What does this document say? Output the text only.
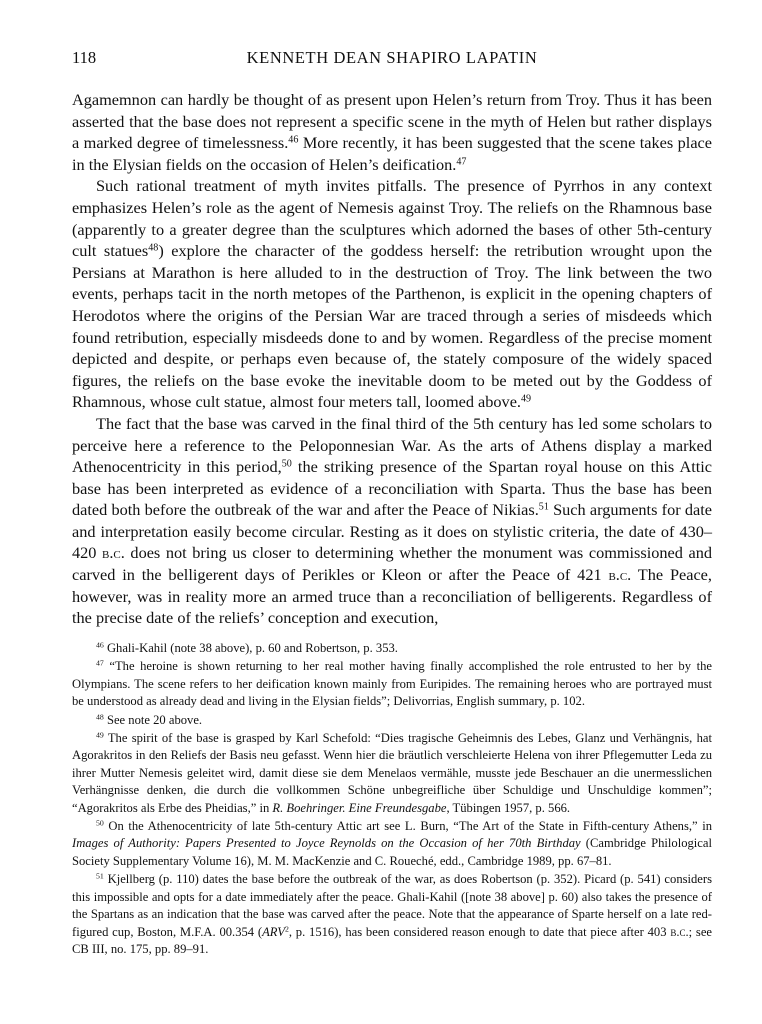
118	KENNETH DEAN SHAPIRO LAPATIN

Agamemnon can hardly be thought of as present upon Helen’s return from Troy. Thus it has been asserted that the base does not represent a specific scene in the myth of Helen but rather displays a marked degree of timelessness.$^{46}$ More recently, it has been suggested that the scene takes place in the Elysian fields on the occasion of Helen’s deification.$^{47}$

Such rational treatment of myth invites pitfalls. The presence of Pyrrhos in any context emphasizes Helen’s role as the agent of Nemesis against Troy. The reliefs on the Rhamnous base (apparently to a greater degree than the sculptures which adorned the bases of other 5th-century cult statues$^{48}$) explore the character of the goddess herself: the retribution wrought upon the Persians at Marathon is here alluded to in the destruction of Troy. The link between the two events, perhaps tacit in the north metopes of the Parthenon, is explicit in the opening chapters of Herodotos where the origins of the Persian War are traced through a series of misdeeds which found retribution, especially misdeeds done to and by women. Regardless of the precise moment depicted and despite, or perhaps even because of, the stately composure of the widely spaced figures, the reliefs on the base evoke the inevitable doom to be meted out by the Goddess of Rhamnous, whose cult statue, almost four meters tall, loomed above.$^{49}$

The fact that the base was carved in the final third of the 5th century has led some scholars to perceive here a reference to the Peloponnesian War. As the arts of Athens display a marked Athenocentricity in this period,$^{50}$ the striking presence of the Spartan royal house on this Attic base has been interpreted as evidence of a reconciliation with Sparta. Thus the base has been dated both before the outbreak of the war and after the Peace of Nikias.$^{51}$ Such arguments for date and interpretation easily become circular. Resting as it does on stylistic criteria, the date of 430–420 b.c. does not bring us closer to determining whether the monument was commissioned and carved in the belligerent days of Perikles or Kleon or after the Peace of 421 b.c. The Peace, however, was in reality more an armed truce than a reconciliation of belligerents. Regardless of the precise date of the reliefs’ conception and execution,

$^{46}$ Ghali-Kahil (note 38 above), p. 60 and Robertson, p. 353.

$^{47}$ “The heroine is shown returning to her real mother having finally accomplished the role entrusted to her by the Olympians. The scene refers to her deification known mainly from Euripides. The remaining heroes who are portrayed must be understood as already dead and living in the Elysian fields”; Delivorrias, English summary, p. 102.

$^{48}$ See note 20 above.

$^{49}$ The spirit of the base is grasped by Karl Schefold: “Dies tragische Geheimnis des Lebes, Glanz und Verhängnis, hat Agorakritos in den Reliefs der Basis neu gefasst. Wenn hier die bräutlich verschleierte Helena von ihrer Pflegemutter Leda zu ihrer Mutter Nemesis geleitet wird, damit diese sie dem Menelaos vermähle, musste jede Beschauer an die unermesslichen Verhängnisse denken, die durch die vollkommen Schöne unbegreifliche über Schuldige und Unschuldige kommen”; “Agorakritos als Erbe des Pheidias,” in R. Boehringer. Eine Freundesgabe, Tübingen 1957, p. 566.

$^{50}$ On the Athenocentricity of late 5th-century Attic art see L. Burn, “The Art of the State in Fifth-century Athens,” in Images of Authority: Papers Presented to Joyce Reynolds on the Occasion of her 70th Birthday (Cambridge Philological Society Supplementary Volume 16), M. M. MacKenzie and C. Roueché, edd., Cambridge 1989, pp. 67–81.

$^{51}$ Kjellberg (p. 110) dates the base before the outbreak of the war, as does Robertson (p. 352). Picard (p. 541) considers this impossible and opts for a date immediately after the peace. Ghali-Kahil ([note 38 above] p. 60) also takes the presence of the Spartans as an indication that the base was carved after the peace. Note that the appearance of Sparte herself on a late red-figured cup, Boston, M.F.A. 00.354 (ARV$^2$, p. 1516), has been considered reason enough to date that piece after 403 b.c.; see CB III, no. 175, pp. 89–91.
